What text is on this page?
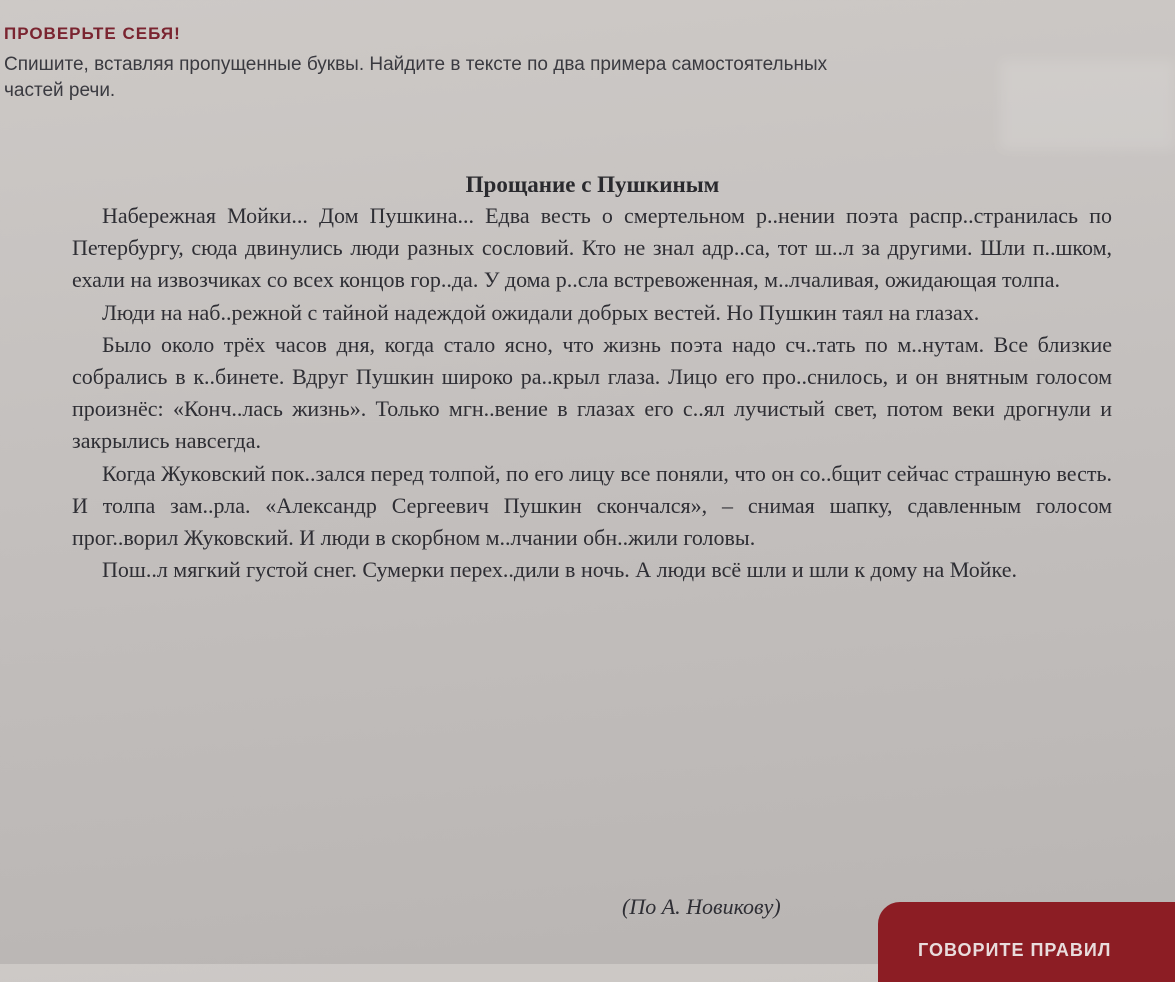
ПРОВЕРЬТЕ СЕБЯ!
Спишите, вставляя пропущенные буквы. Найдите в тексте по два примера самостоятельных частей речи.
Прощание с Пушкиным

Набережная Мойки... Дом Пушкина... Едва весть о смертельном р..нении поэта распр..странилась по Петербургу, сюда двинулись люди разных сословий. Кто не знал адр..са, тот ш..л за другими. Шли п..шком, ехали на извозчиках со всех концов гор..да. У дома р..сла встревоженная, м..лчаливая, ожидающая толпа.

Люди на наб..режной с тайной надеждой ожидали добрых вестей. Но Пушкин таял на глазах.

Было около трёх часов дня, когда стало ясно, что жизнь поэта надо сч..тать по м..нутам. Все близкие собрались в к..бинете. Вдруг Пушкин широко ра..крыл глаза. Лицо его про..снилось, и он внятным голосом произнёс: «Конч..лась жизнь». Только мгн..вение в глазах его с..ял лучистый свет, потом веки дрогнули и закрылись навсегда.

Когда Жуковский пок..зался перед толпой, по его лицу все поняли, что он со..бщит сейчас страшную весть. И толпа зам..рла. «Александр Сергеевич Пушкин скончался», – снимая шапку, сдавленным голосом прог..ворил Жуковский. И люди в скорбном м..лчании обн..жили головы.

Пош..л мягкий густой снег. Сумерки перех..дили в ночь. А люди всё шли и шли к дому на Мойке.

(По А. Новикову)
ГОВОРИТЕ ПРАВИЛ
